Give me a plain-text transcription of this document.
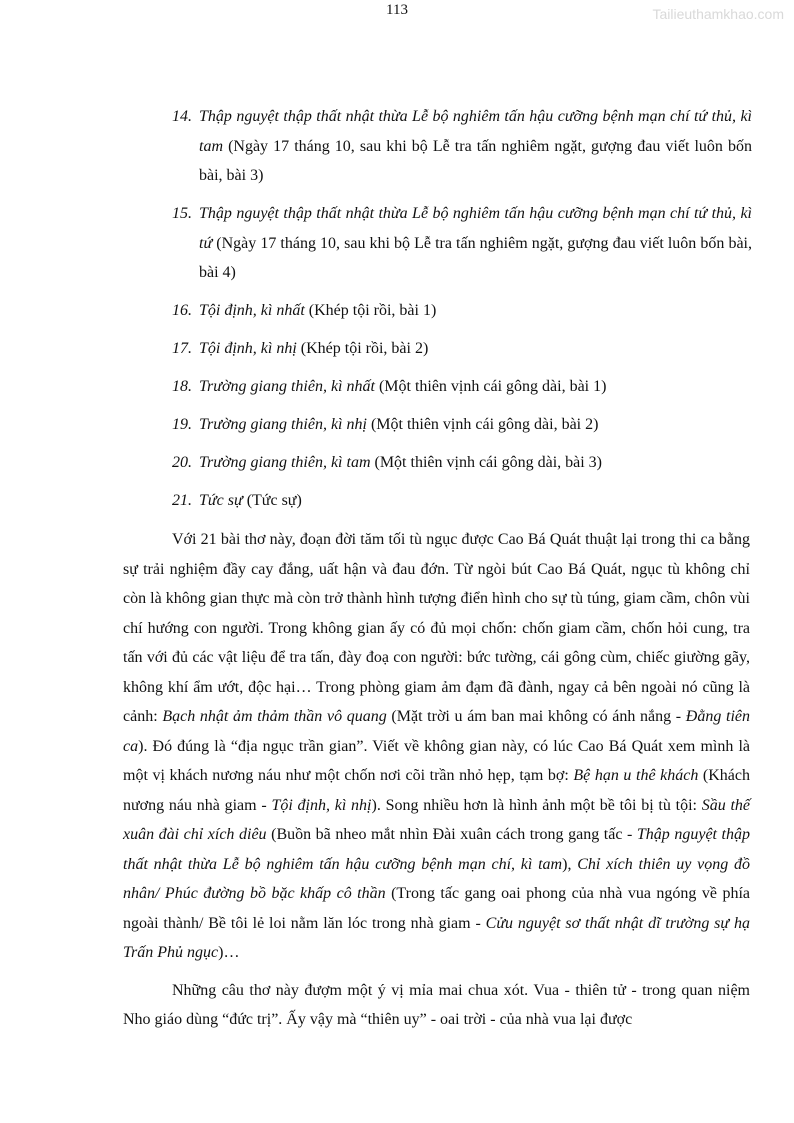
113	Tailieuthamkhao.com
14. Thập nguyệt thập thất nhật thừa Lễ bộ nghiêm tấn hậu cưỡng bệnh mạn chí tứ thủ, kì tam (Ngày 17 tháng 10, sau khi bộ Lễ tra tấn nghiêm ngặt, gượng đau viết luôn bốn bài, bài 3)
15. Thập nguyệt thập thất nhật thừa Lễ bộ nghiêm tấn hậu cưỡng bệnh mạn chí tứ thủ, kì tứ (Ngày 17 tháng 10, sau khi bộ Lễ tra tấn nghiêm ngặt, gượng đau viết luôn bốn bài, bài 4)
16. Tội định, kì nhất (Khép tội rồi, bài 1)
17. Tội định, kì nhị (Khép tội rồi, bài 2)
18. Trường giang thiên, kì nhất (Một thiên vịnh cái gông dài, bài 1)
19. Trường giang thiên, kì nhị (Một thiên vịnh cái gông dài, bài 2)
20. Trường giang thiên, kì tam (Một thiên vịnh cái gông dài, bài 3)
21. Tức sự (Tức sự)

Với 21 bài thơ này, đoạn đời tăm tối tù ngục được Cao Bá Quát thuật lại trong thi ca bằng sự trải nghiệm đầy cay đắng, uất hận và đau đớn. Từ ngòi bút Cao Bá Quát, ngục tù không chỉ còn là không gian thực mà còn trở thành hình tượng điển hình cho sự tù túng, giam cầm, chôn vùi chí hướng con người. Trong không gian ấy có đủ mọi chốn: chốn giam cầm, chốn hỏi cung, tra tấn với đủ các vật liệu để tra tấn, đày đoạ con người: bức tường, cái gông cùm, chiếc giường gãy, không khí ẩm ướt, độc hại… Trong phòng giam ảm đạm đã đành, ngay cả bên ngoài nó cũng là cảnh: Bạch nhật ảm thảm thần vô quang (Mặt trời u ám ban mai không có ánh nắng - Đằng tiên ca). Đó đúng là “địa ngục trần gian”. Viết về không gian này, có lúc Cao Bá Quát xem mình là một vị khách nương náu như một chốn nơi cõi trần nhỏ hẹp, tạm bợ: Bệ hạn u thê khách (Khách nương náu nhà giam - Tội định, kì nhị). Song nhiều hơn là hình ảnh một bề tôi bị tù tội: Sầu thế xuân đài chỉ xích diêu (Buồn bã nheo mắt nhìn Đài xuân cách trong gang tấc - Thập nguyệt thập thất nhật thừa Lễ bộ nghiêm tấn hậu cưỡng bệnh mạn chí, kì tam), Chỉ xích thiên uy vọng đồ nhân/ Phúc đường bồ bặc khấp cô thần (Trong tấc gang oai phong của nhà vua ngóng về phía ngoài thành/ Bề tôi lẻ loi nằm lăn lóc trong nhà giam - Cửu nguyệt sơ thất nhật dĩ trường sự hạ Trấn Phủ ngục)…

Những câu thơ này đượm một ý vị mỉa mai chua xót. Vua - thiên tử - trong quan niệm Nho giáo dùng “đức trị”. Ấy vậy mà “thiên uy” - oai trời - của nhà vua lại được
